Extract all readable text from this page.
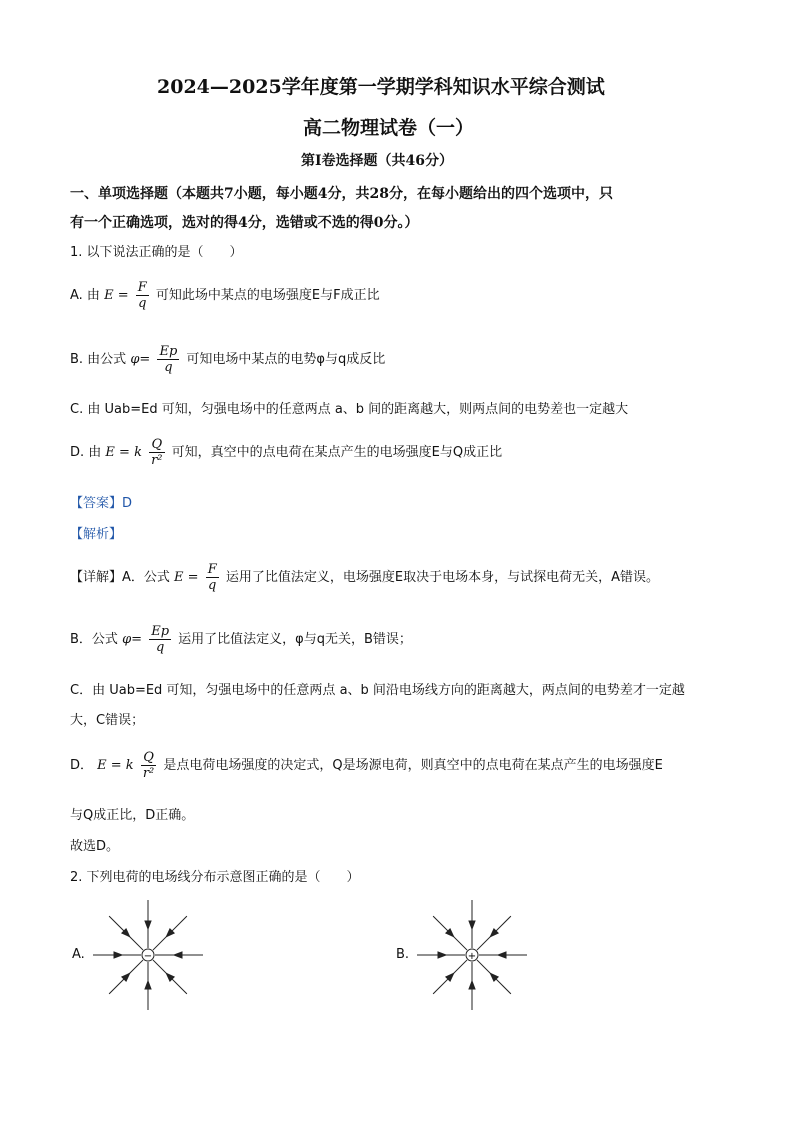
2024—2025学年度第一学期学科知识水平综合测试
高二物理试卷（一）
第I卷选择题（共46分）
一、单项选择题（本题共7小题，每小题4分，共28分，在每小题给出的四个选项中，只
有一个正确选项，选对的得4分，选错或不选的得0分。）
1. 以下说法正确的是（　　）
A. 由 $E = \frac{F}{q}$ 可知此场中某点的电场强度E与F成正比
B. 由公式 $\varphi= \frac{Ep}{q}$ 可知电场中某点的电势φ与q成反比
C. 由 Uab=Ed 可知，匀强电场中的任意两点 a、b 间的距离越大，则两点间的电势差也一定越大
D. 由 E = k $\frac{Q}{\text{r²}}$ 可知，真空中的点电荷在某点产生的电场强度E与Q成正比
【答案】D
【解析】
【详解】A．公式 $E = \frac{F}{q}$ 运用了比值法定义，电场强度E取决于电场本身，与试探电荷无关，A错误。
B．公式 $\varphi= \frac{Ep}{q}$ 运用了比值法定义，φ与q无关，B错误；
C．由 Uab=Ed 可知，匀强电场中的任意两点 a、b 间沿电场线方向的距离越大，两点间的电势差才一定越
大，C错误；
D． E = k $\frac{Q}{\text{r²}}$ 是点电荷电场强度的决定式，Q是场源电荷，则真空中的点电荷在某点产生的电场强度E
与Q成正比，D正确。
故选D。
2. 下列电荷的电场线分布示意图正确的是（　　）
A.	−	B.	+
